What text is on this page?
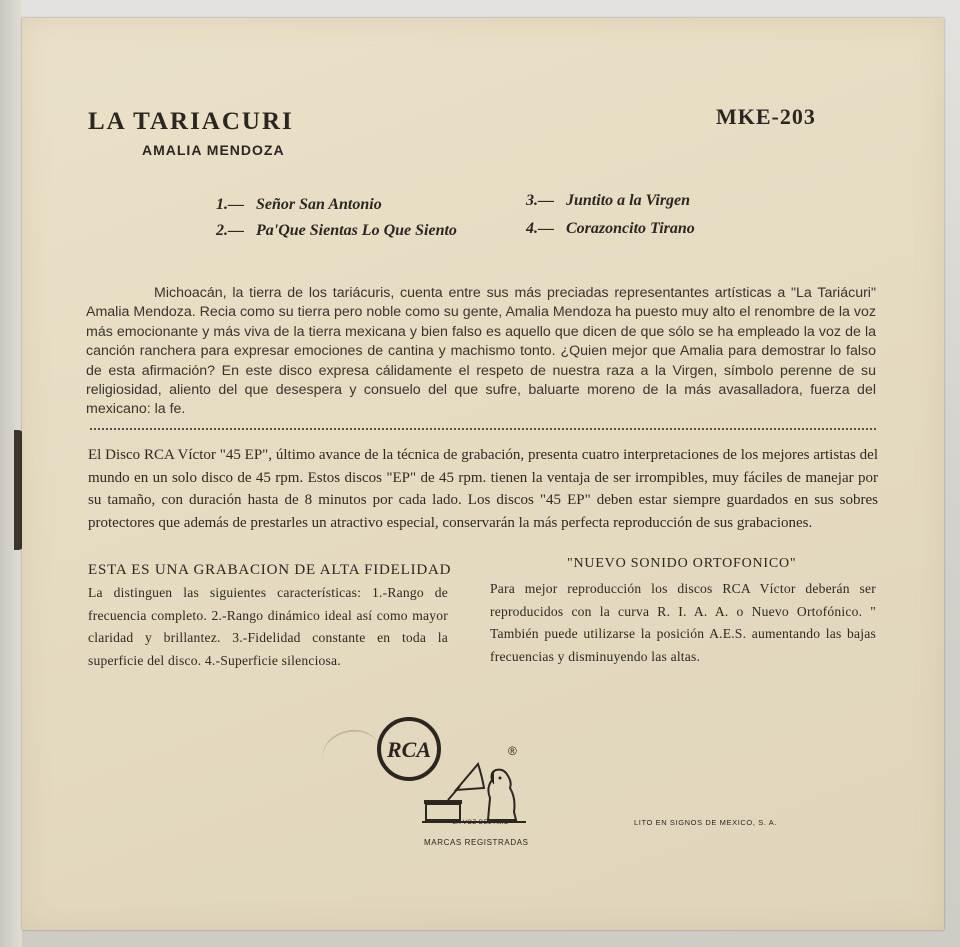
LA TARIACURI
AMALIA MENDOZA
MKE-203
1.— Señor San Antonio
2.— Pa'Que Sientas Lo Que Siento
3.— Juntito a la Virgen
4.— Corazoncito Tirano
Michoacán, la tierra de los tariácuris, cuenta entre sus más preciadas representantes artísticas a "La Tariácuri" Amalia Mendoza. Recia como su tierra pero noble como su gente, Amalia Mendoza ha puesto muy alto el renombre de la voz más emocionante y más viva de la tierra mexicana y bien falso es aquello que dicen de que sólo se ha empleado la voz de la canción ranchera para expresar emociones de cantina y machismo tonto. ¿Quien mejor que Amalia para demostrar lo falso de esta afirmación? En este disco expresa cálidamente el respeto de nuestra raza a la Virgen, símbolo perenne de su religiosidad, aliento del que desespera y consuelo del que sufre, baluarte moreno de la más avasalladora, fuerza del mexicano: la fe.
El Disco RCA Víctor "45 EP", último avance de la técnica de grabación, presenta cuatro interpretaciones de los mejores artistas del mundo en un solo disco de 45 rpm. Estos discos "EP" de 45 rpm. tienen la ventaja de ser irrompibles, muy fáciles de manejar por su tamaño, con duración hasta de 8 minutos por cada lado. Los discos "45 EP" deben estar siempre guardados en sus sobres protectores que además de prestarles un atractivo especial, conservarán la más perfecta reproducción de sus grabaciones.
ESTA ES UNA GRABACION DE ALTA FIDELIDAD
La distinguen las siguientes características: 1.-Rango de frecuencia completo. 2.-Rango dinámico ideal así como mayor claridad y brillantez. 3.-Fidelidad constante en toda la superficie del disco. 4.-Superficie silenciosa.
"NUEVO SONIDO ORTOFONICO"
Para mejor reproducción los discos RCA Víctor deberán ser reproducidos con la curva R. I. A. A. o Nuevo Ortofónico. " También puede utilizarse la posición A.E.S. aumentando las bajas frecuencias y disminuyendo las altas.
RCA	®
"LA VOZ DEL AMO"
MARCAS REGISTRADAS
LITO EN SIGNOS DE MEXICO, S. A.
